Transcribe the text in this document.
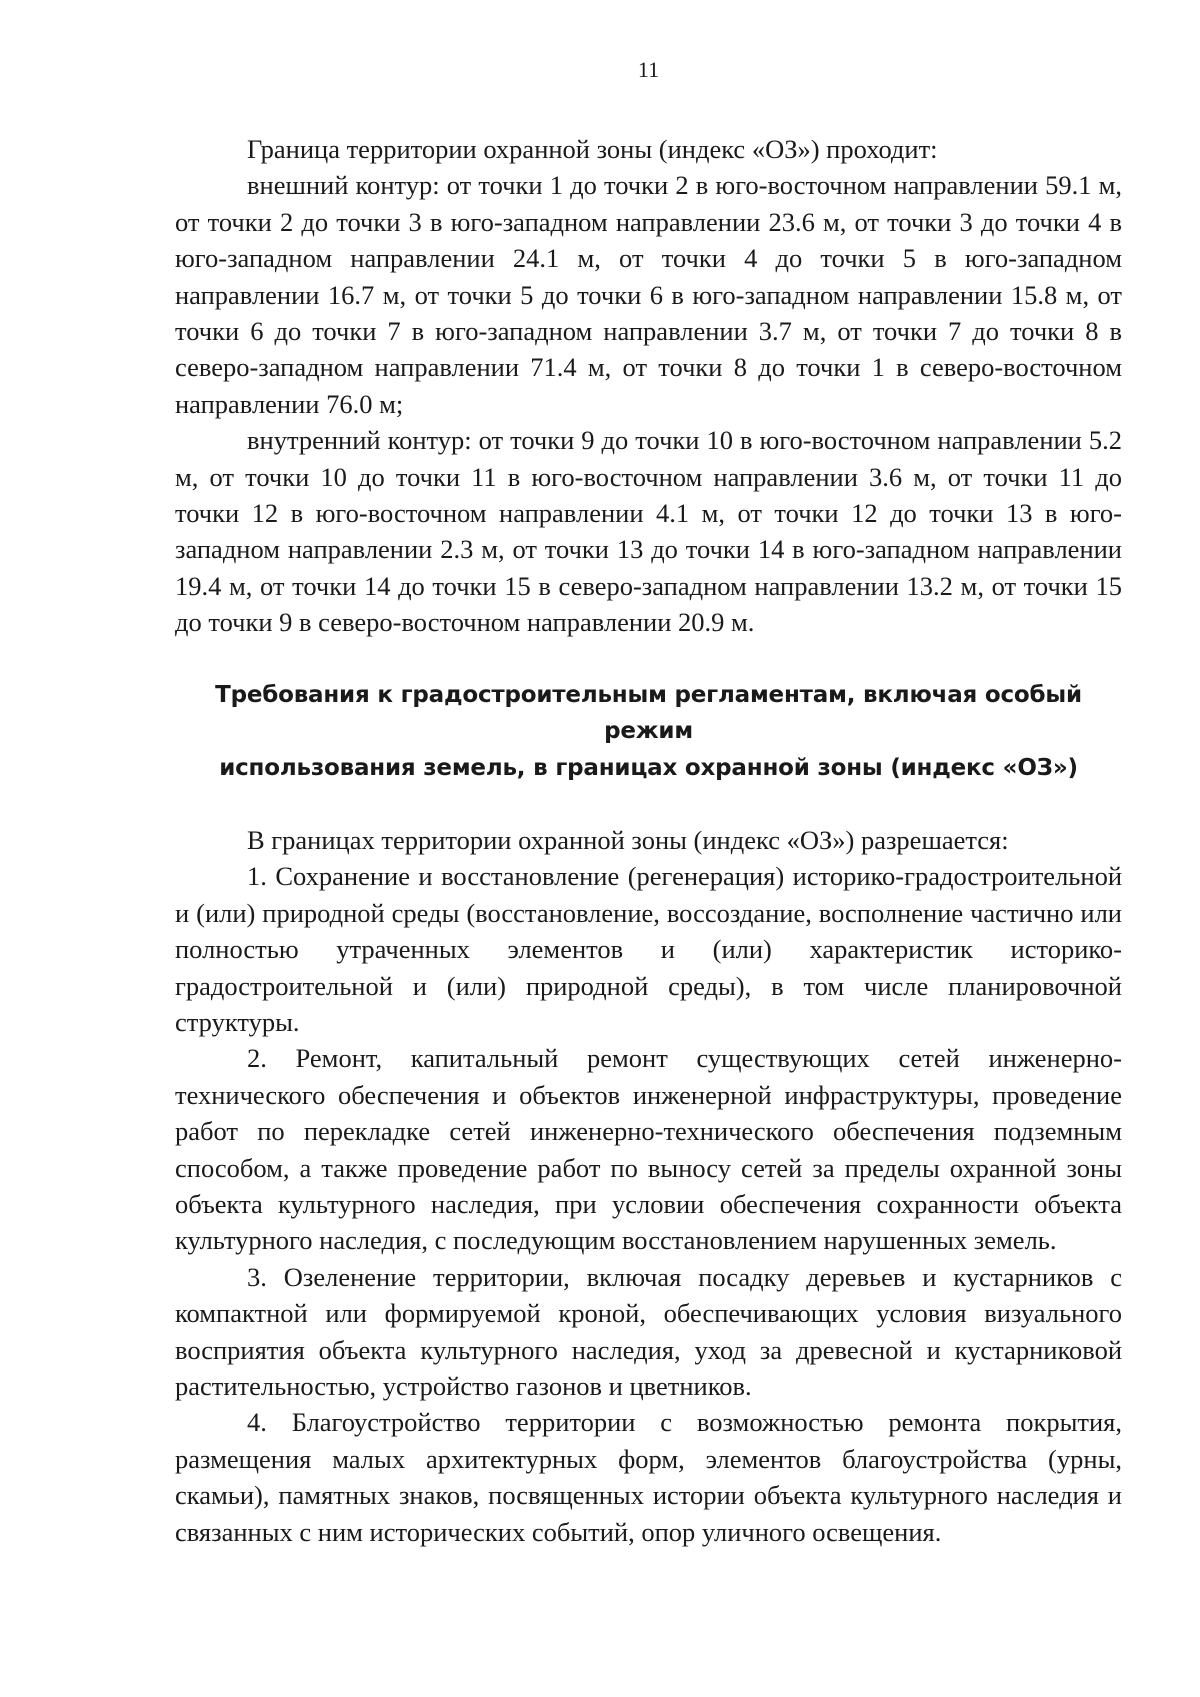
11

Граница территории охранной зоны (индекс «ОЗ») проходит:

внешний контур: от точки 1 до точки 2 в юго-восточном направлении 59.1 м, от точки 2 до точки 3 в юго-западном направлении 23.6 м, от точки 3 до точки 4 в юго-западном направлении 24.1 м, от точки 4 до точки 5 в юго-западном направлении 16.7 м, от точки 5 до точки 6 в юго-западном направлении 15.8 м, от точки 6 до точки 7 в юго-западном направлении 3.7 м, от точки 7 до точки 8 в северо-западном направлении 71.4 м, от точки 8 до точки 1 в северо-восточном направлении 76.0 м;

внутренний контур: от точки 9 до точки 10 в юго-восточном направлении 5.2 м, от точки 10 до точки 11 в юго-восточном направлении 3.6 м, от точки 11 до точки 12 в юго-восточном направлении 4.1 м, от точки 12 до точки 13 в юго-западном направлении 2.3 м, от точки 13 до точки 14 в юго-западном направлении 19.4 м, от точки 14 до точки 15 в северо-западном направлении 13.2 м, от точки 15 до точки 9 в северо-восточном направлении 20.9 м.

Требования к градостроительным регламентам, включая особый режим
использования земель, в границах охранной зоны (индекс «ОЗ»)

В границах территории охранной зоны (индекс «ОЗ») разрешается:

1. Сохранение и восстановление (регенерация) историко-градостроительной и (или) природной среды (восстановление, воссоздание, восполнение частично или полностью утраченных элементов и (или) характеристик историко-градостроительной и (или) природной среды), в том числе планировочной структуры.

2. Ремонт, капитальный ремонт существующих сетей инженерно-технического обеспечения и объектов инженерной инфраструктуры, проведение работ по перекладке сетей инженерно-технического обеспечения подземным способом, а также проведение работ по выносу сетей за пределы охранной зоны объекта культурного наследия, при условии обеспечения сохранности объекта культурного наследия, с последующим восстановлением нарушенных земель.

3. Озеленение территории, включая посадку деревьев и кустарников с компактной или формируемой кроной, обеспечивающих условия визуального восприятия объекта культурного наследия, уход за древесной и кустарниковой растительностью, устройство газонов и цветников.

4. Благоустройство территории с возможностью ремонта покрытия, размещения малых архитектурных форм, элементов благоустройства (урны, скамьи), памятных знаков, посвященных истории объекта культурного наследия и связанных с ним исторических событий, опор уличного освещения.
